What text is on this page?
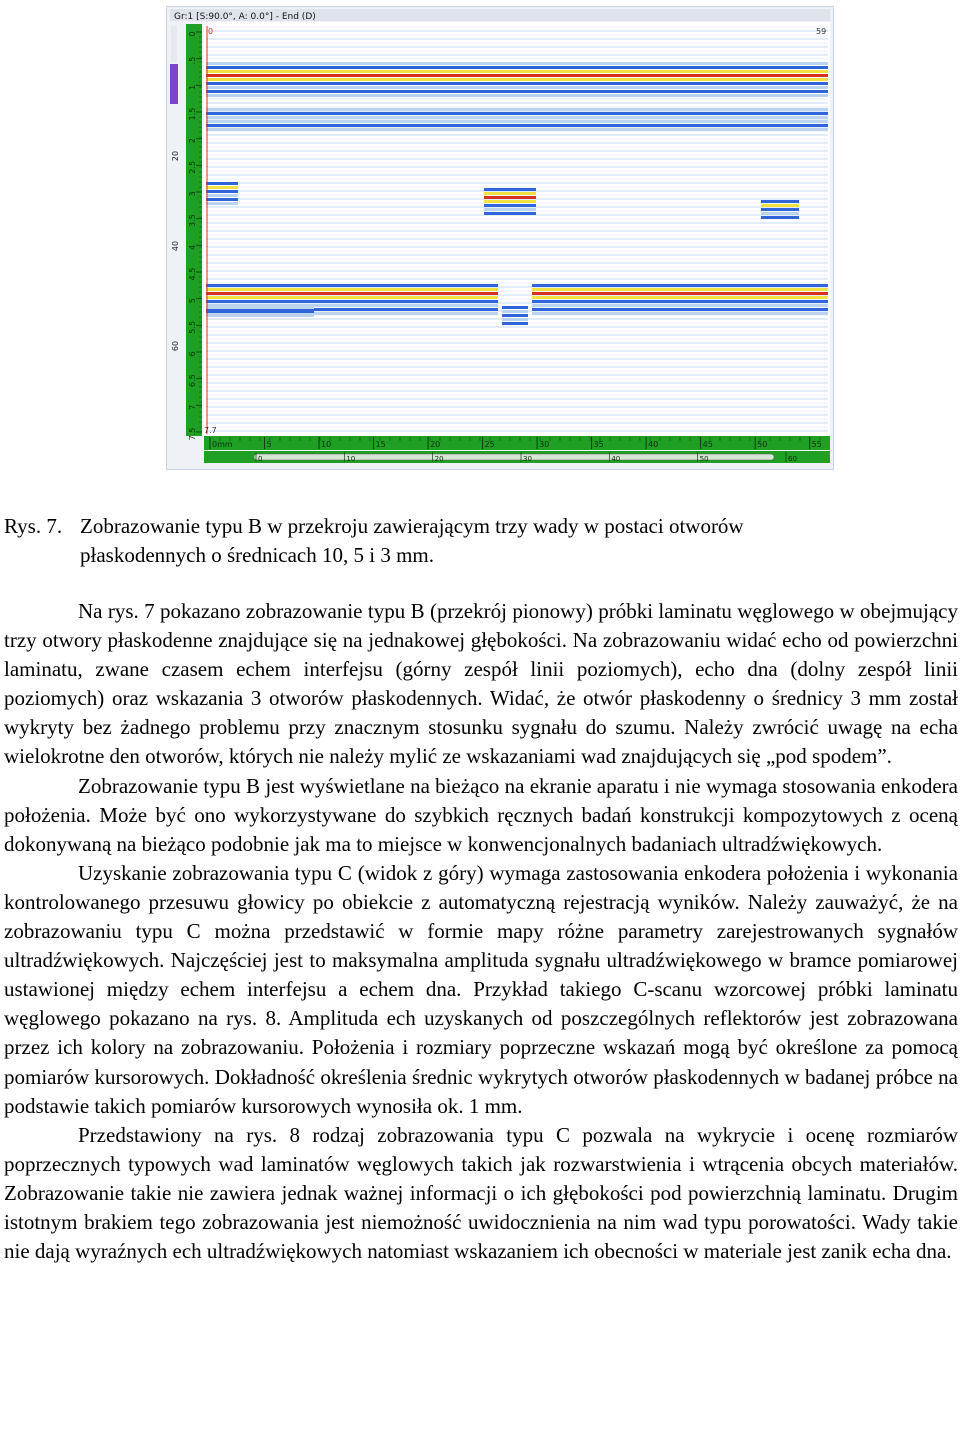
Gr:1 [S:90.0°, A: 0.0°] - End (D)
20
40
60
0
.5
1
1.5
2
2.5
3
3.5
4
4.5
5
5.5
6
6.5
7
7.5
0	59
7.7
0mm	5	10	15	20	25	30	35	40	45	50	55
0	10	20	30	40	50	60
Rys. 7. Zobrazowanie typu B w przekroju zawierającym trzy wady w postaci otworów
płaskodennych o średnicach 10, 5 i 3 mm.

Na rys. 7 pokazano zobrazowanie typu B (przekrój pionowy) próbki laminatu węglowego w obejmujący trzy otwory płaskodenne znajdujące się na jednakowej głębokości. Na zobrazowaniu widać echo od powierzchni laminatu, zwane czasem echem interfejsu (górny zespół linii poziomych), echo dna (dolny zespół linii poziomych) oraz wskazania 3 otworów płaskodennych. Widać, że otwór płaskodenny o średnicy 3 mm został wykryty bez żadnego problemu przy znacznym stosunku sygnału do szumu. Należy zwrócić uwagę na echa wielokrotne den otworów, których nie należy mylić ze wskazaniami wad znajdujących się „pod spodem”.

Zobrazowanie typu B jest wyświetlane na bieżąco na ekranie aparatu i nie wymaga stosowania enkodera położenia. Może być ono wykorzystywane do szybkich ręcznych badań konstrukcji kompozytowych z oceną dokonywaną na bieżąco podobnie jak ma to miejsce w konwencjonalnych badaniach ultradźwiękowych.

Uzyskanie zobrazowania typu C (widok z góry) wymaga zastosowania enkodera położenia i wykonania kontrolowanego przesuwu głowicy po obiekcie z automatyczną rejestracją wyników. Należy zauważyć, że na zobrazowaniu typu C można przedstawić w formie mapy różne parametry zarejestrowanych sygnałów ultradźwiękowych. Najczęściej jest to maksymalna amplituda sygnału ultradźwiękowego w bramce pomiarowej ustawionej między echem interfejsu a echem dna. Przykład takiego C-scanu wzorcowej próbki laminatu węglowego pokazano na rys. 8. Amplituda ech uzyskanych od poszczególnych reflektorów jest zobrazowana przez ich kolory na zobrazowaniu. Położenia i rozmiary poprzeczne wskazań mogą być określone za pomocą pomiarów kursorowych. Dokładność określenia średnic wykrytych otworów płaskodennych w badanej próbce na podstawie takich pomiarów kursorowych wynosiła ok. 1 mm.

Przedstawiony na rys. 8 rodzaj zobrazowania typu C pozwala na wykrycie i ocenę rozmiarów poprzecznych typowych wad laminatów węglowych takich jak rozwarstwienia i wtrącenia obcych materiałów. Zobrazowanie takie nie zawiera jednak ważnej informacji o ich głębokości pod powierzchnią laminatu. Drugim istotnym brakiem tego zobrazowania jest niemożność uwidocznienia na nim wad typu porowatości. Wady takie nie dają wyraźnych ech ultradźwiękowych natomiast wskazaniem ich obecności w materiale jest zanik echa dna.
